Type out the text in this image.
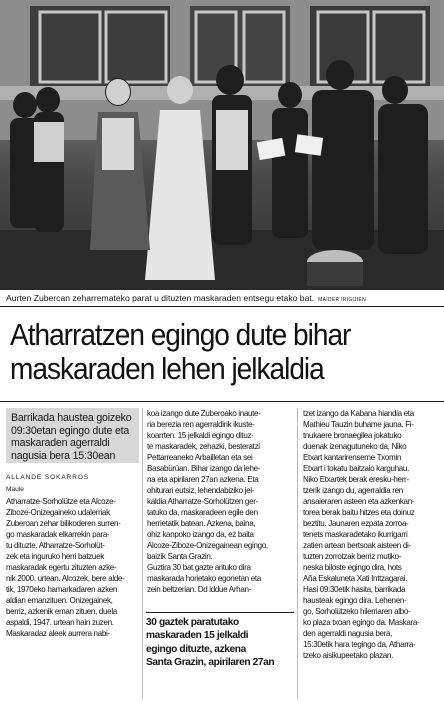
Aurten Zubercan zeharremateko parat u dituzten maskaraden entsegu etako bat. MAIDER IRIGOIEN
Atharratzen egingo dute bihar
maskaraden lehen jelkaldia
Barrikada haustea goizeko
09:30etan egingo dute eta
maskaraden agerraldi
nagusia bera 15:30ean
ALLANDE SOKARROS
Maule
Atharratze-Sorholütze eta Alcoze-
Ziboze-Onizegaineko udalerriak
Zuberoan zehar bilikoderen surren-
go maskaradak elkarrekin para-
tu dituzte. Atharratze-Sorholüt-
zek eta inguruko herri batzuek
maskaradak egertu zituzten azke-
nik 2000. urtean. Alcozek, bere alde-
tik, 1970eko hamarkadaren azken
aldian emanzituen. Onizegainek,
berriz, azkenik eman zituen, duela
aspaldi, 1947. urtean hain zuzen.
Maskaradaz aleek aurrera nabi-
koa izango dute Zuberoako inaute-
ria berezia ren agerraldirik ikuste-
koarrten. 15 jelkaldi egingo dituz-
te maskaradek, zehazki, besteratzi
Pettarreaneko Arbailletan eta sei
Basabürüan. Bihar izango da lehe-
na eta apirilaren 27an azkena. Eta
ohiturari eutsiz, lehendabiziko jel-
kaldia Atharratze-Sorholützen ger-
tatuko da, maskaradeen egile den
herrietatik batean. Azkena, baina,
ohiz kanpoko izango da, ez baita
Alcoze-Ziboze-Onizegainean egingo,
baizik Santa Grazin.
Guztira 30 bat gazte arituko dira
maskarada horietako egonetan eta
zein beltzerian. Dd iddue Arhan-
30 gaztek paratutako
maskaraden 15 jelkaldi
egingo dituzte, azkena
Santa Grazin, apirilaren 27an
tzet izango da Kabana hiandia eta
Mathieu Tauzin buhame jauna. Fi-
tnukaere bronaegilea jokatuko
duenak izenagutuneko da, Niko
Etxart kantarirenseme Txomin
Etxart i tokatu baitzaio karguhau.
Niko Etxartek berak eresku-herr-
tzerik izango du, agerraldia ren
ansaieraren asteen eta azkenkan-
torea berak baitu hitzes eta doinuz
beztitu. Jaunaren ezpata zorroa-
tenets maskaradetako ikurrigarri
zatien artean bertsoak aisteen di-
tuzten zorrotzak berriz mutiko-
neska biloste egingo dira, hots
Aña Eskaluneta Xati Inttzagarai.
Hasi 09:30etik hasita, barrikada
hausteak egingo dira. Lehenen-
go, Sorholützeko hilerriaren albo-
ko plaza txoan egingo da. Maskara-
den agerraldi nagusia bera,
15:30etik hara tegingo da, Atharra-
tzeko aisikupeetako plazan.
